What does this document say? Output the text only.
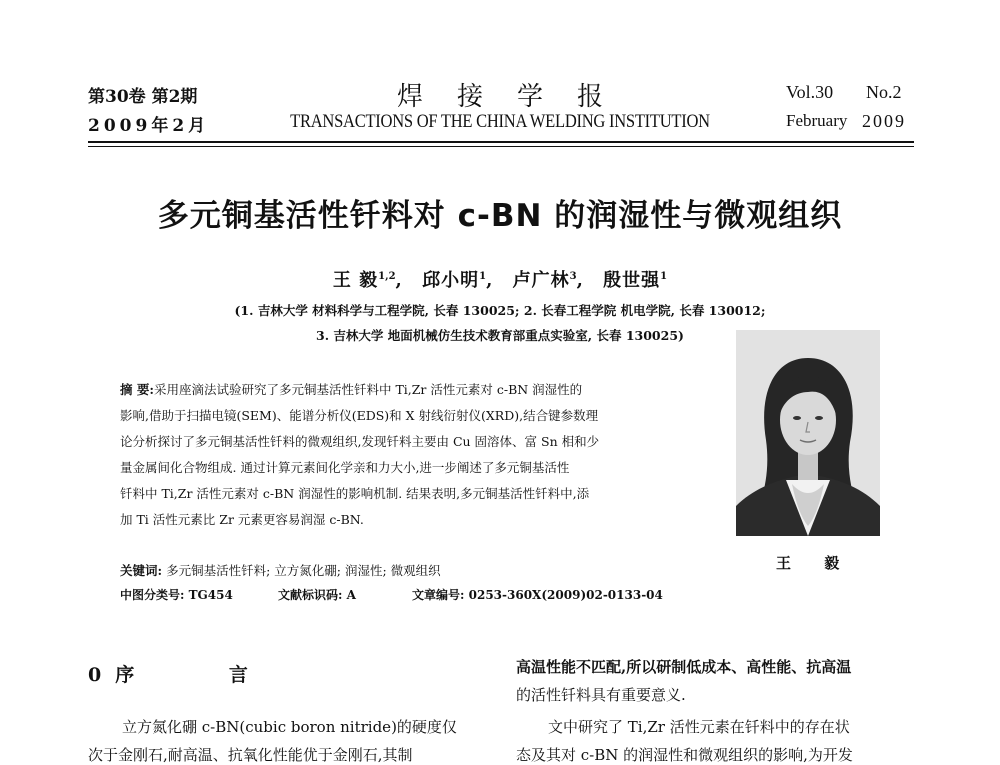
第30卷 第2期
2009年2月
焊接学报
TRANSACTIONS OF THE CHINA WELDING INSTITUTION
Vol.30 No.2
February 2009
多元铜基活性钎料对 c-BN 的润湿性与微观组织
王 毅$^{1,2}$, 邱小明$^1$, 卢广林$^3$, 殷世强$^1$
(1. 吉林大学 材料科学与工程学院, 长春 130025; 2. 长春工程学院 机电学院, 长春 130012;
3. 吉林大学 地面机械仿生技术教育部重点实验室, 长春 130025)
摘 要:采用座滴法试验研究了多元铜基活性钎料中 Ti,Zr 活性元素对 c-BN 润湿性的
影响,借助于扫描电镜(SEM)、能谱分析仪(EDS)和 X 射线衍射仪(XRD),结合键参数理
论分析探讨了多元铜基活性钎料的微观组织,发现钎料主要由 Cu 固溶体、富 Sn 相和少
量金属间化合物组成. 通过计算元素间化学亲和力大小,进一步阐述了多元铜基活性
钎料中 Ti,Zr 活性元素对 c-BN 润湿性的影响机制. 结果表明,多元铜基活性钎料中,添
加 Ti 活性元素比 Zr 元素更容易润湿 c-BN.
关键词: 多元铜基活性钎料; 立方氮化硼; 润湿性; 微观组织
中图分类号: TG454	文献标识码: A	文章编号: 0253-360X(2009)02-0133-04
王 毅
0 序 言
立方氮化硼 c-BN(cubic boron nitride)的硬度仅
次于金刚石,耐高温、抗氧化性能优于金刚石,其制
高温性能不匹配,所以研制低成本、高性能、抗高温
的活性钎料具有重要意义.
文中研究了 Ti,Zr 活性元素在钎料中的存在状
态及其对 c-BN 的润湿性和微观组织的影响,为开发
